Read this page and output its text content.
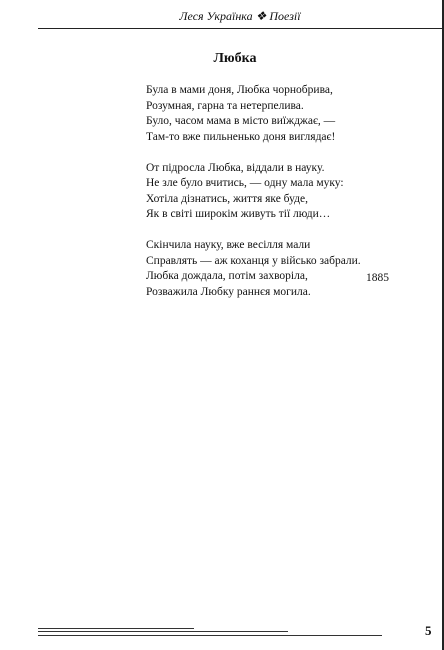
Леся Українка ❖ Поезії
Любка
Була в мами доня, Любка чорнобрива,
Розумная, гарна та нетерпелива.
Було, часом мама в місто виїжджає, —
Там-то вже пильненько доня виглядає!
От підросла Любка, віддали в науку.
Не зле було вчитись, — одну мала муку:
Хотіла дізнатись, життя яке буде,
Як в світі широкім живуть тії люди…
Скінчила науку, вже весілля мали
Справлять — аж коханця у військо забрали.
Любка дождала, потім захворіла,
Розважила Любку раннєя могила.
1885
5
